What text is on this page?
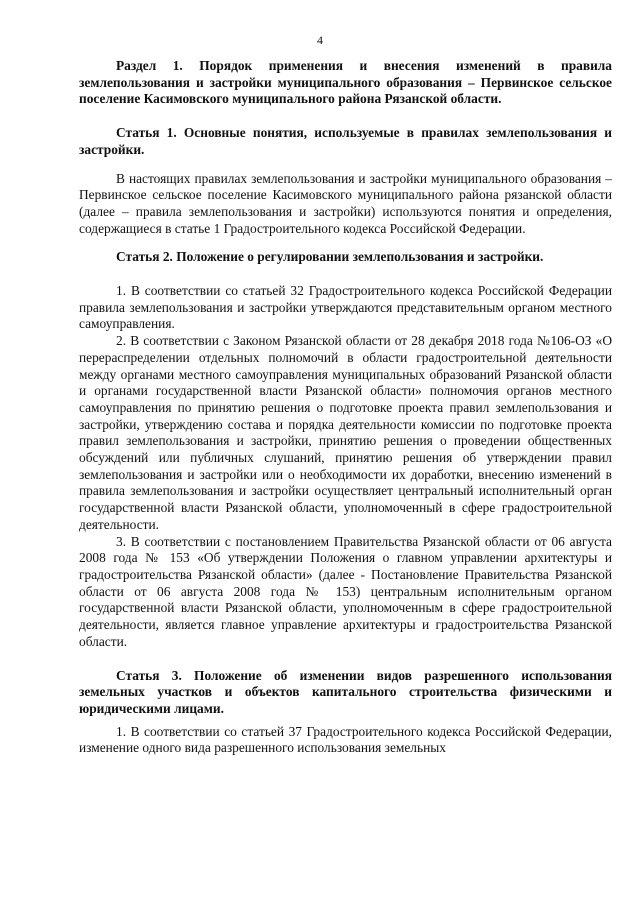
4

Раздел 1. Порядок применения и внесения изменений в правила землепользования и застройки муниципального образования – Первинское сельское поселение Касимовского муниципального района Рязанской области.

Статья 1. Основные понятия, используемые в правилах землепользования и застройки.

В настоящих правилах землепользования и застройки муниципального образования – Первинское сельское поселение Касимовского муниципального района рязанской области (далее – правила землепользования и застройки) используются понятия и определения, содержащиеся в статье 1 Градостроительного кодекса Российской Федерации.

Статья 2. Положение о регулировании землепользования и застройки.

1. В соответствии со статьей 32 Градостроительного кодекса Российской Федерации правила землепользования и застройки утверждаются представительным органом местного самоуправления.

2. В соответствии с Законом Рязанской области от 28 декабря 2018 года №106-ОЗ «О перераспределении отдельных полномочий в области градостроительной деятельности между органами местного самоуправления муниципальных образований Рязанской области и органами государственной власти Рязанской области» полномочия органов местного самоуправления по принятию решения о подготовке проекта правил землепользования и застройки, утверждению состава и порядка деятельности комиссии по подготовке проекта правил землепользования и застройки, принятию решения о проведении общественных обсуждений или публичных слушаний, принятию решения об утверждении правил землепользования и застройки или о необходимости их доработки, внесению изменений в правила землепользования и застройки осуществляет центральный исполнительный орган государственной власти Рязанской области, уполномоченный в сфере градостроительной деятельности.

3. В соответствии с постановлением Правительства Рязанской области от 06 августа 2008 года № 153 «Об утверждении Положения о главном управлении архитектуры и градостроительства Рязанской области» (далее - Постановление Правительства Рязанской области от 06 августа 2008 года № 153) центральным исполнительным органом государственной власти Рязанской области, уполномоченным в сфере градостроительной деятельности, является главное управление архитектуры и градостроительства Рязанской области.

Статья 3. Положение об изменении видов разрешенного использования земельных участков и объектов капитального строительства физическими и юридическими лицами.

1. В соответствии со статьей 37 Градостроительного кодекса Российской Федерации, изменение одного вида разрешенного использования земельных
